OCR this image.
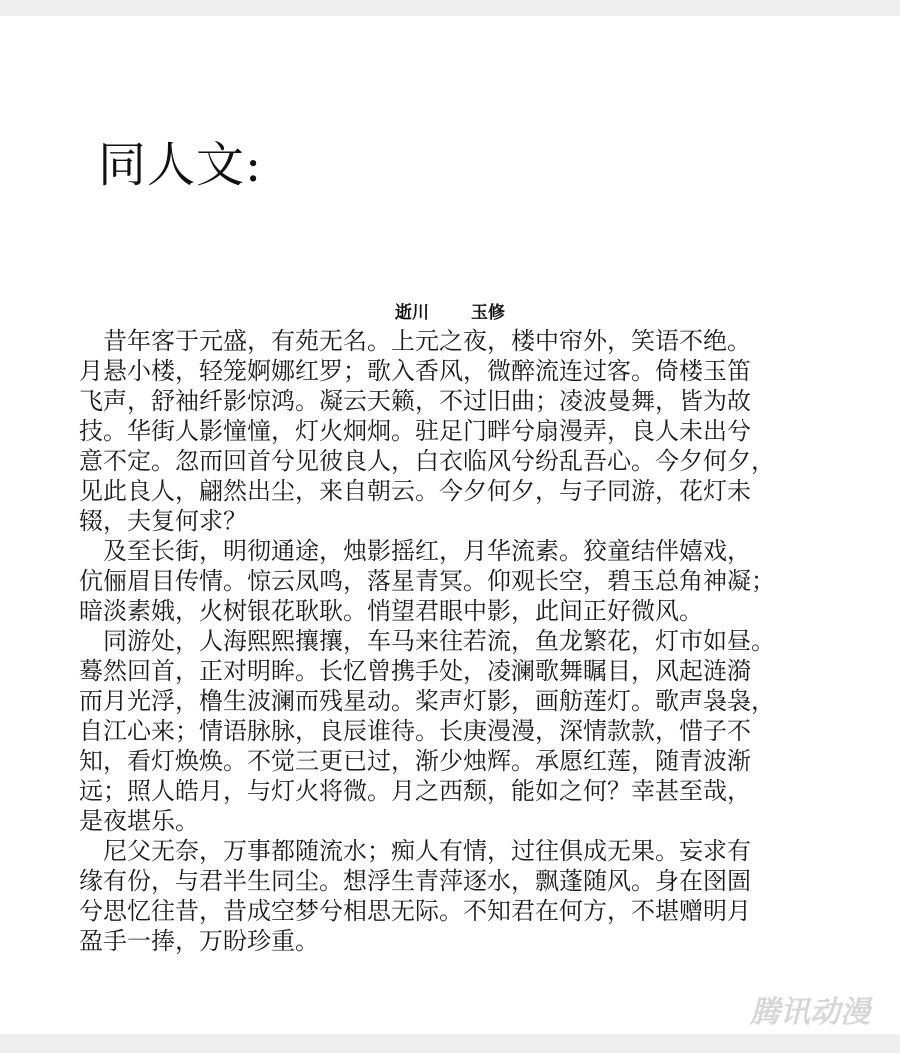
同人文:
逝川 玉修
　昔年客于元盛，有苑无名。上元之夜，楼中帘外，笑语不绝。
月悬小楼，轻笼婀娜红罗；歌入香风，微醉流连过客。倚楼玉笛
飞声，舒袖纤影惊鸿。凝云天籁，不过旧曲；凌波曼舞，皆为故
技。华街人影憧憧，灯火炯炯。驻足门畔兮扇漫弄，良人未出兮
意不定。忽而回首兮见彼良人，白衣临风兮纷乱吾心。今夕何夕，
见此良人，翩然出尘，来自朝云。今夕何夕，与子同游，花灯未
辍，夫复何求？
　及至长街，明彻通途，烛影摇红，月华流素。狡童结伴嬉戏，
伉俪眉目传情。惊云凤鸣，落星青冥。仰观长空，碧玉总角神凝；
暗淡素娥，火树银花耿耿。悄望君眼中影，此间正好微风。
　同游处，人海熙熙攘攘，车马来往若流，鱼龙繁花，灯市如昼。
蓦然回首，正对明眸。长忆曾携手处，凌澜歌舞瞩目，风起涟漪
而月光浮，橹生波澜而残星动。桨声灯影，画舫莲灯。歌声袅袅，
自江心来；情语脉脉，良辰谁待。长庚漫漫，深情款款，惜子不
知，看灯焕焕。不觉三更已过，渐少烛辉。承愿红莲，随青波渐
远；照人皓月，与灯火将微。月之西颓，能如之何？幸甚至哉，
是夜堪乐。
　尼父无奈，万事都随流水；痴人有情，过往俱成无果。妄求有
缘有份，与君半生同尘。想浮生青萍逐水，飘蓬随风。身在囹圄
兮思忆往昔，昔成空梦兮相思无际。不知君在何方，不堪赠明月
盈手一捧，万盼珍重。
腾讯动漫
